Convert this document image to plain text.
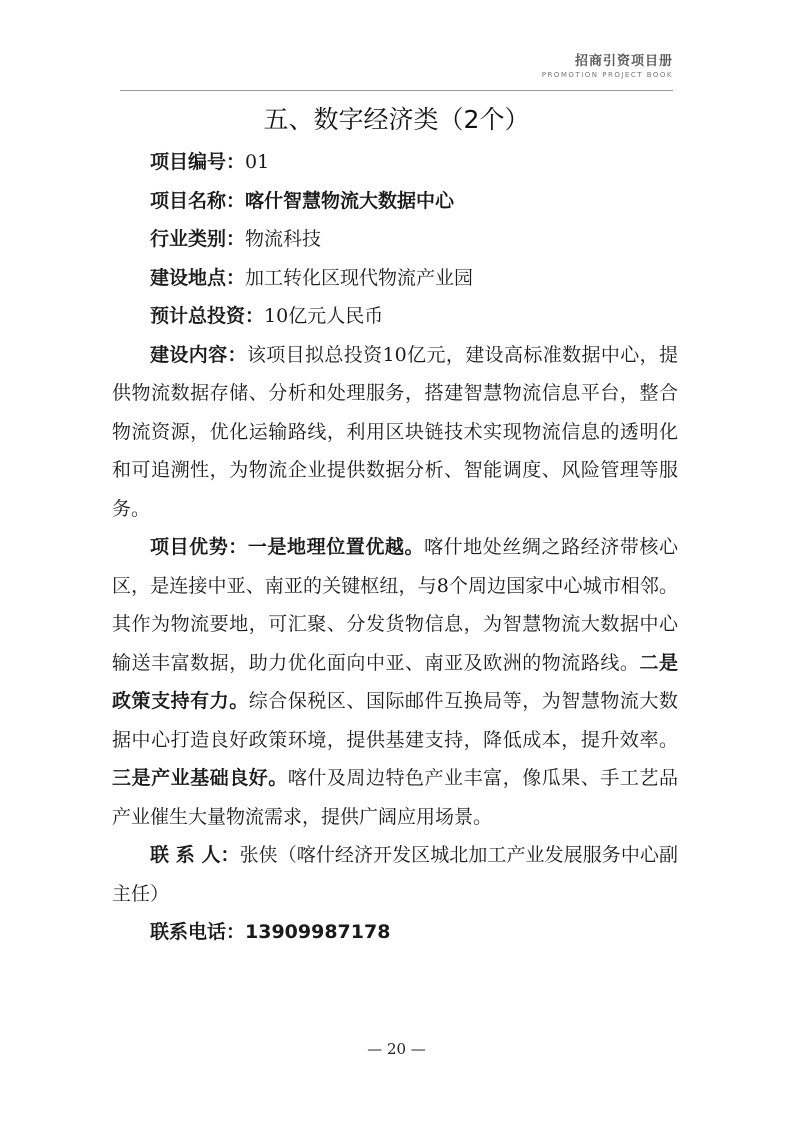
招商引资项目册
PROMOTION PROJECT BOOK
五、数字经济类（2个）

项目编号：01

项目名称：喀什智慧物流大数据中心

行业类别：物流科技

建设地点：加工转化区现代物流产业园

预计总投资：10亿元人民币

建设内容：该项目拟总投资10亿元，建设高标准数据中心，提供物流数据存储、分析和处理服务，搭建智慧物流信息平台，整合物流资源，优化运输路线，利用区块链技术实现物流信息的透明化和可追溯性，为物流企业提供数据分析、智能调度、风险管理等服务。

项目优势：一是地理位置优越。喀什地处丝绸之路经济带核心区，是连接中亚、南亚的关键枢纽，与8个周边国家中心城市相邻。其作为物流要地，可汇聚、分发货物信息，为智慧物流大数据中心输送丰富数据，助力优化面向中亚、南亚及欧洲的物流路线。二是政策支持有力。综合保税区、国际邮件互换局等，为智慧物流大数据中心打造良好政策环境，提供基建支持，降低成本，提升效率。三是产业基础良好。喀什及周边特色产业丰富，像瓜果、手工艺品产业催生大量物流需求，提供广阔应用场景。

联 系 人：张侠（喀什经济开发区城北加工产业发展服务中心副主任）

联系电话：13909987178

— 20 —
